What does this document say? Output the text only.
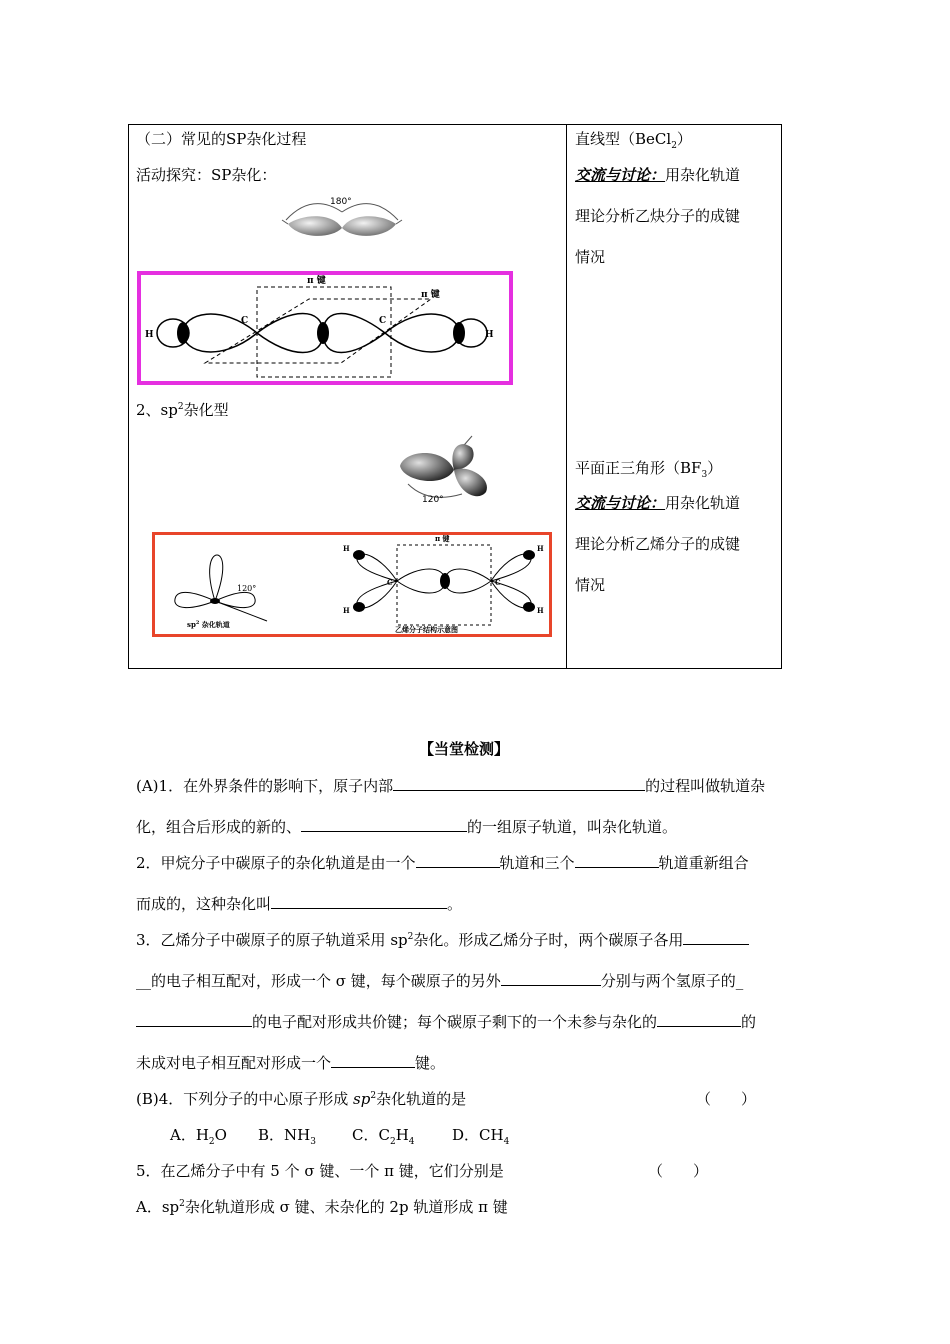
（二）常见的SP杂化过程
活动探究：SP杂化：
180°
π 键
π 键
H	H
C	C
2、$sp^2$杂化型
120°
120°
$sp^2$ 杂化轨道
π 键
H
H
H
H
C	C
乙烯分子结构示意图
直线型（BeCl$_2$）
交流与讨论：用杂化轨道
理论分析乙炔分子的成键
情况
平面正三角形$(BF_3)$
交流与讨论：用杂化轨道
理论分析乙烯分子的成键
情况
【当堂检测】
(A)1．在外界条件的影响下，原子内部	的过程叫做轨道杂
化，组合后形成的新的、	的一组原子轨道，叫杂化轨道。
2．甲烷分子中碳原子的杂化轨道是由一个	轨道和三个	轨道重新组合
而成的，这种杂化叫	。
3．乙烯分子中碳原子的原子轨道采用 $sp^2$杂化。形成乙烯分子时，两个碳原子各用
__的电子相互配对，形成一个 σ 键，每个碳原子的另外	分别与两个氢原子的_
的电子配对形成共价键；每个碳原子剩下的一个未参与杂化的	的
未成对电子相互配对形成一个	键。
(B)4．下列分子的中心原子形成 $sp^2$杂化轨道的是	（　　）
A．$H_2O$ B．$NH_3$ C．$C_2H_4$ D．$CH_4$
5．在乙烯分子中有 5 个 σ 键、一个 π 键，它们分别是	（　　）
A．$sp^2$杂化轨道形成 σ 键、未杂化的 2p 轨道形成 π 键
